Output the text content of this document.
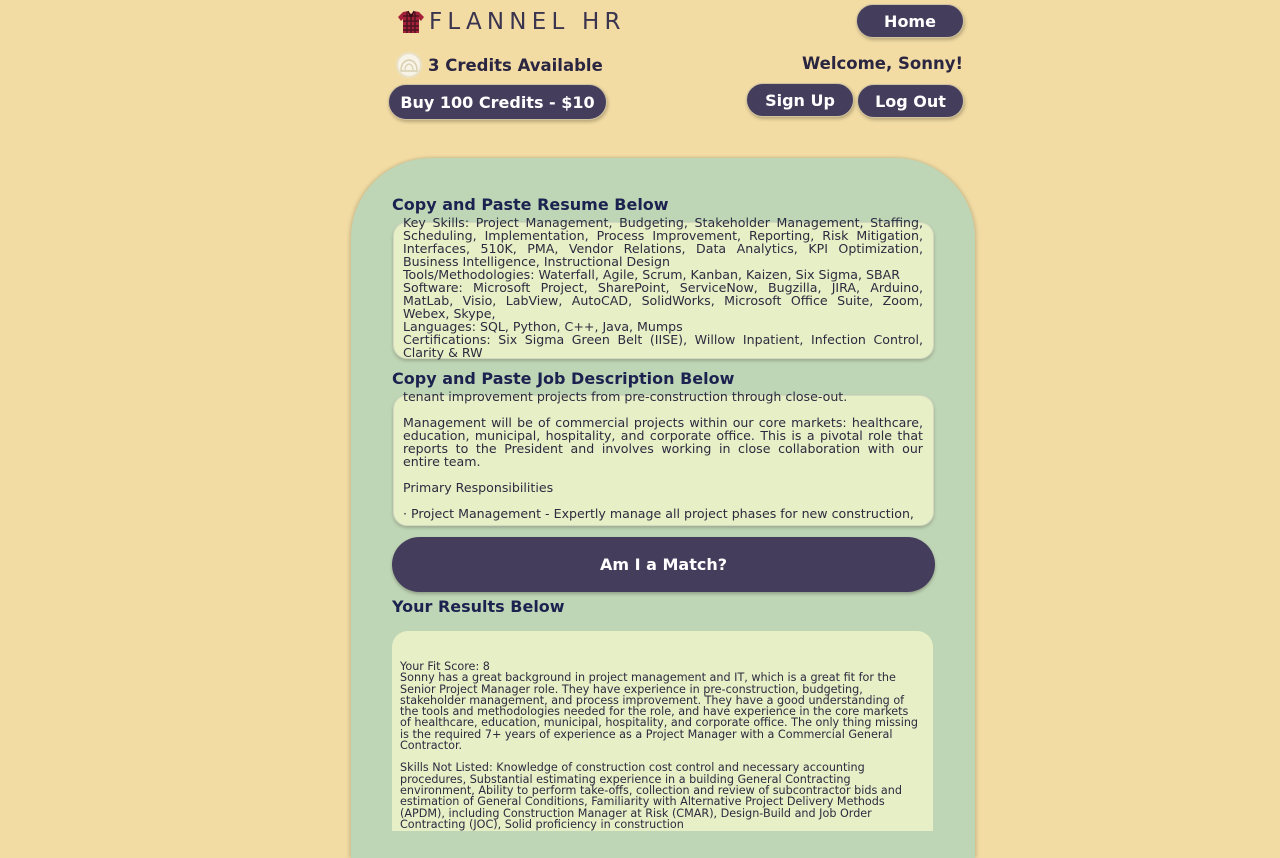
FLANNEL HR	Home
3 Credits Available	Welcome, Sonny!
Buy 100 Credits - $10	Sign Up	Log Out
Copy and Paste Resume Below
Key Skills: Project Management, Budgeting, Stakeholder Management, Staffing, Scheduling, Implementation, Process Improvement, Reporting, Risk Mitigation, Interfaces, 510K, PMA, Vendor Relations, Data Analytics, KPI Optimization, Business Intelligence, Instructional Design
Tools/Methodologies: Waterfall, Agile, Scrum, Kanban, Kaizen, Six Sigma, SBAR
Software: Microsoft Project, SharePoint, ServiceNow, Bugzilla, JIRA, Arduino, MatLab, Visio, LabView, AutoCAD, SolidWorks, Microsoft Office Suite, Zoom, Webex, Skype,
Languages: SQL, Python, C++, Java, Mumps
Certifications: Six Sigma Green Belt (IISE), Willow Inpatient, Infection Control, Clarity & RW
Copy and Paste Job Description Below
tenant improvement projects from pre-construction through close-out.

Management will be of commercial projects within our core markets: healthcare, education, municipal, hospitality, and corporate office. This is a pivotal role that reports to the President and involves working in close collaboration with our entire team.

Primary Responsibilities

· Project Management - Expertly manage all project phases for new construction,
Am I a Match?
Your Results Below
Your Fit Score: 8
Sonny has a great background in project management and IT, which is a great fit for the Senior Project Manager role. They have experience in pre-construction, budgeting, stakeholder management, and process improvement. They have a good understanding of the tools and methodologies needed for the role, and have experience in the core markets of healthcare, education, municipal, hospitality, and corporate office. The only thing missing is the required 7+ years of experience as a Project Manager with a Commercial General Contractor.
Skills Not Listed: Knowledge of construction cost control and necessary accounting procedures, Substantial estimating experience in a building General Contracting environment, Ability to perform take-offs, collection and review of subcontractor bids and estimation of General Conditions, Familiarity with Alternative Project Delivery Methods (APDM), including Construction Manager at Risk (CMAR), Design-Build and Job Order Contracting (JOC), Solid proficiency in construction
